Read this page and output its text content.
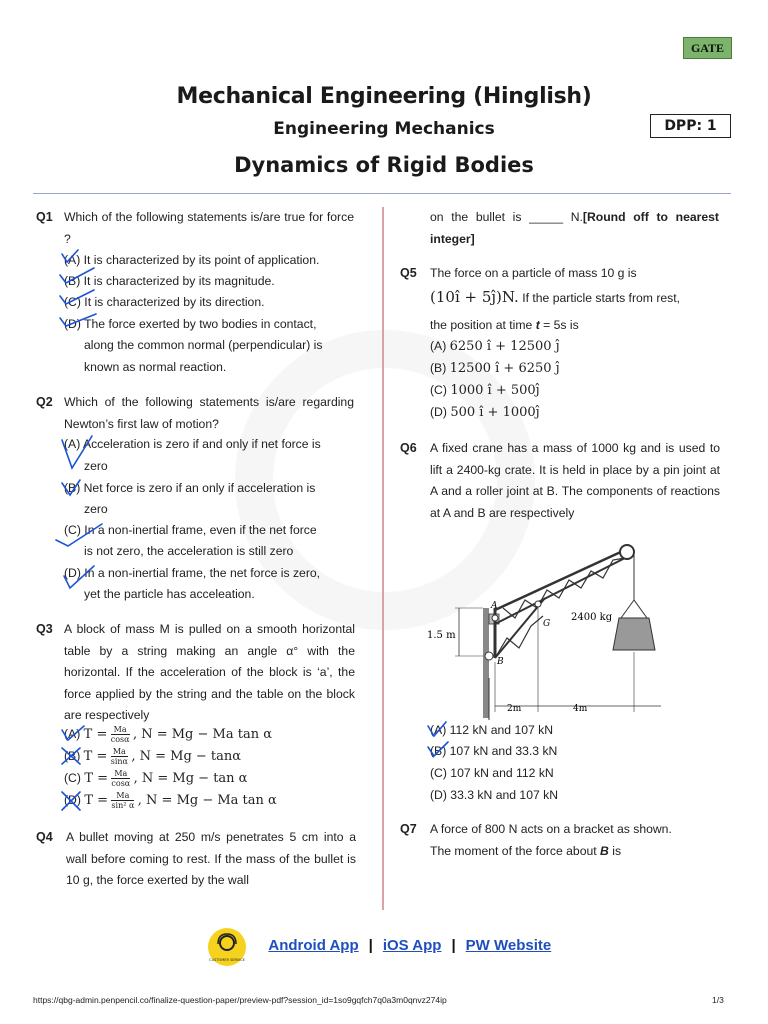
GATE
Mechanical Engineering (Hinglish)
Engineering Mechanics	DPP: 1
Dynamics of Rigid Bodies
Q1 Which of the following statements is/are true for force ?
(A) It is characterized by its point of application.
(B) It is characterized by its magnitude.
(C) It is characterized by its direction.
(D) The force exerted by two bodies in contact,
along the common normal (perpendicular) is
known as normal reaction.
Q2 Which of the following statements is/are regarding Newton’s first law of motion?
(A) Acceleration is zero if and only if net force is
zero
(B) Net force is zero if an only if acceleration is
zero
(C) In a non-inertial frame, even if the net force
is not zero, the acceleration is still zero
(D) In a non-inertial frame, the net force is zero,
yet the particle has acceleation.
Q3 A block of mass M is pulled on a smooth horizontal table by a string making an angle α° with the horizontal. If the acceleration of the block is ‘a’, the force applied by the string and the table on the block are respectively
(A) $T = \frac{Ma}{\cos\alpha}$ , N = Mg − Ma tan α
(B) $T = \frac{Ma}{\sin\alpha}$ , N = Mg − tanα
(C) $T = \frac{Ma}{\cos\alpha}$ , N = Mg − tan α
(D) $T = \frac{Ma}{\text{sin² α}}$ , N = Mg − Ma tan α
Q4 A bullet moving at 250 m/s penetrates 5 cm into a wall before coming to rest. If the mass of the bullet is 10 g, the force exerted by the wall
on the bullet is _____ N.[Round off to nearest integer]
Q5 The force on a particle of mass 10 g is
(10î + 5ĵ)N. If the particle starts from rest,
the position at time t = 5s is
(A) 6250 î + 12500 ĵ
(B) 12500 î + 6250 ĵ
(C) 1000 î + 500ĵ
(D) 500 î + 1000ĵ
Q6 A fixed crane has a mass of 1000 kg and is used to lift a 2400-kg crate. It is held in place by a pin joint at A and a roller joint at B. The components of reactions at A and B are respectively
A
B
G
2400 kg
1.5 m
2m	4m
(A) 112 kN and 107 kN
(B) 107 kN and 33.3 kN
(C) 107 kN and 112 kN
(D) 33.3 kN and 107 kN
Q7 A force of 800 N acts on a bracket as shown.
The moment of the force about B is
CUSTOMER SERVICE
Android App | iOS App | PW Website
https://qbg-admin.penpencil.co/finalize-question-paper/preview-pdf?session_id=1so9gqfch7q0a3m0qnvz274ip	1/3
